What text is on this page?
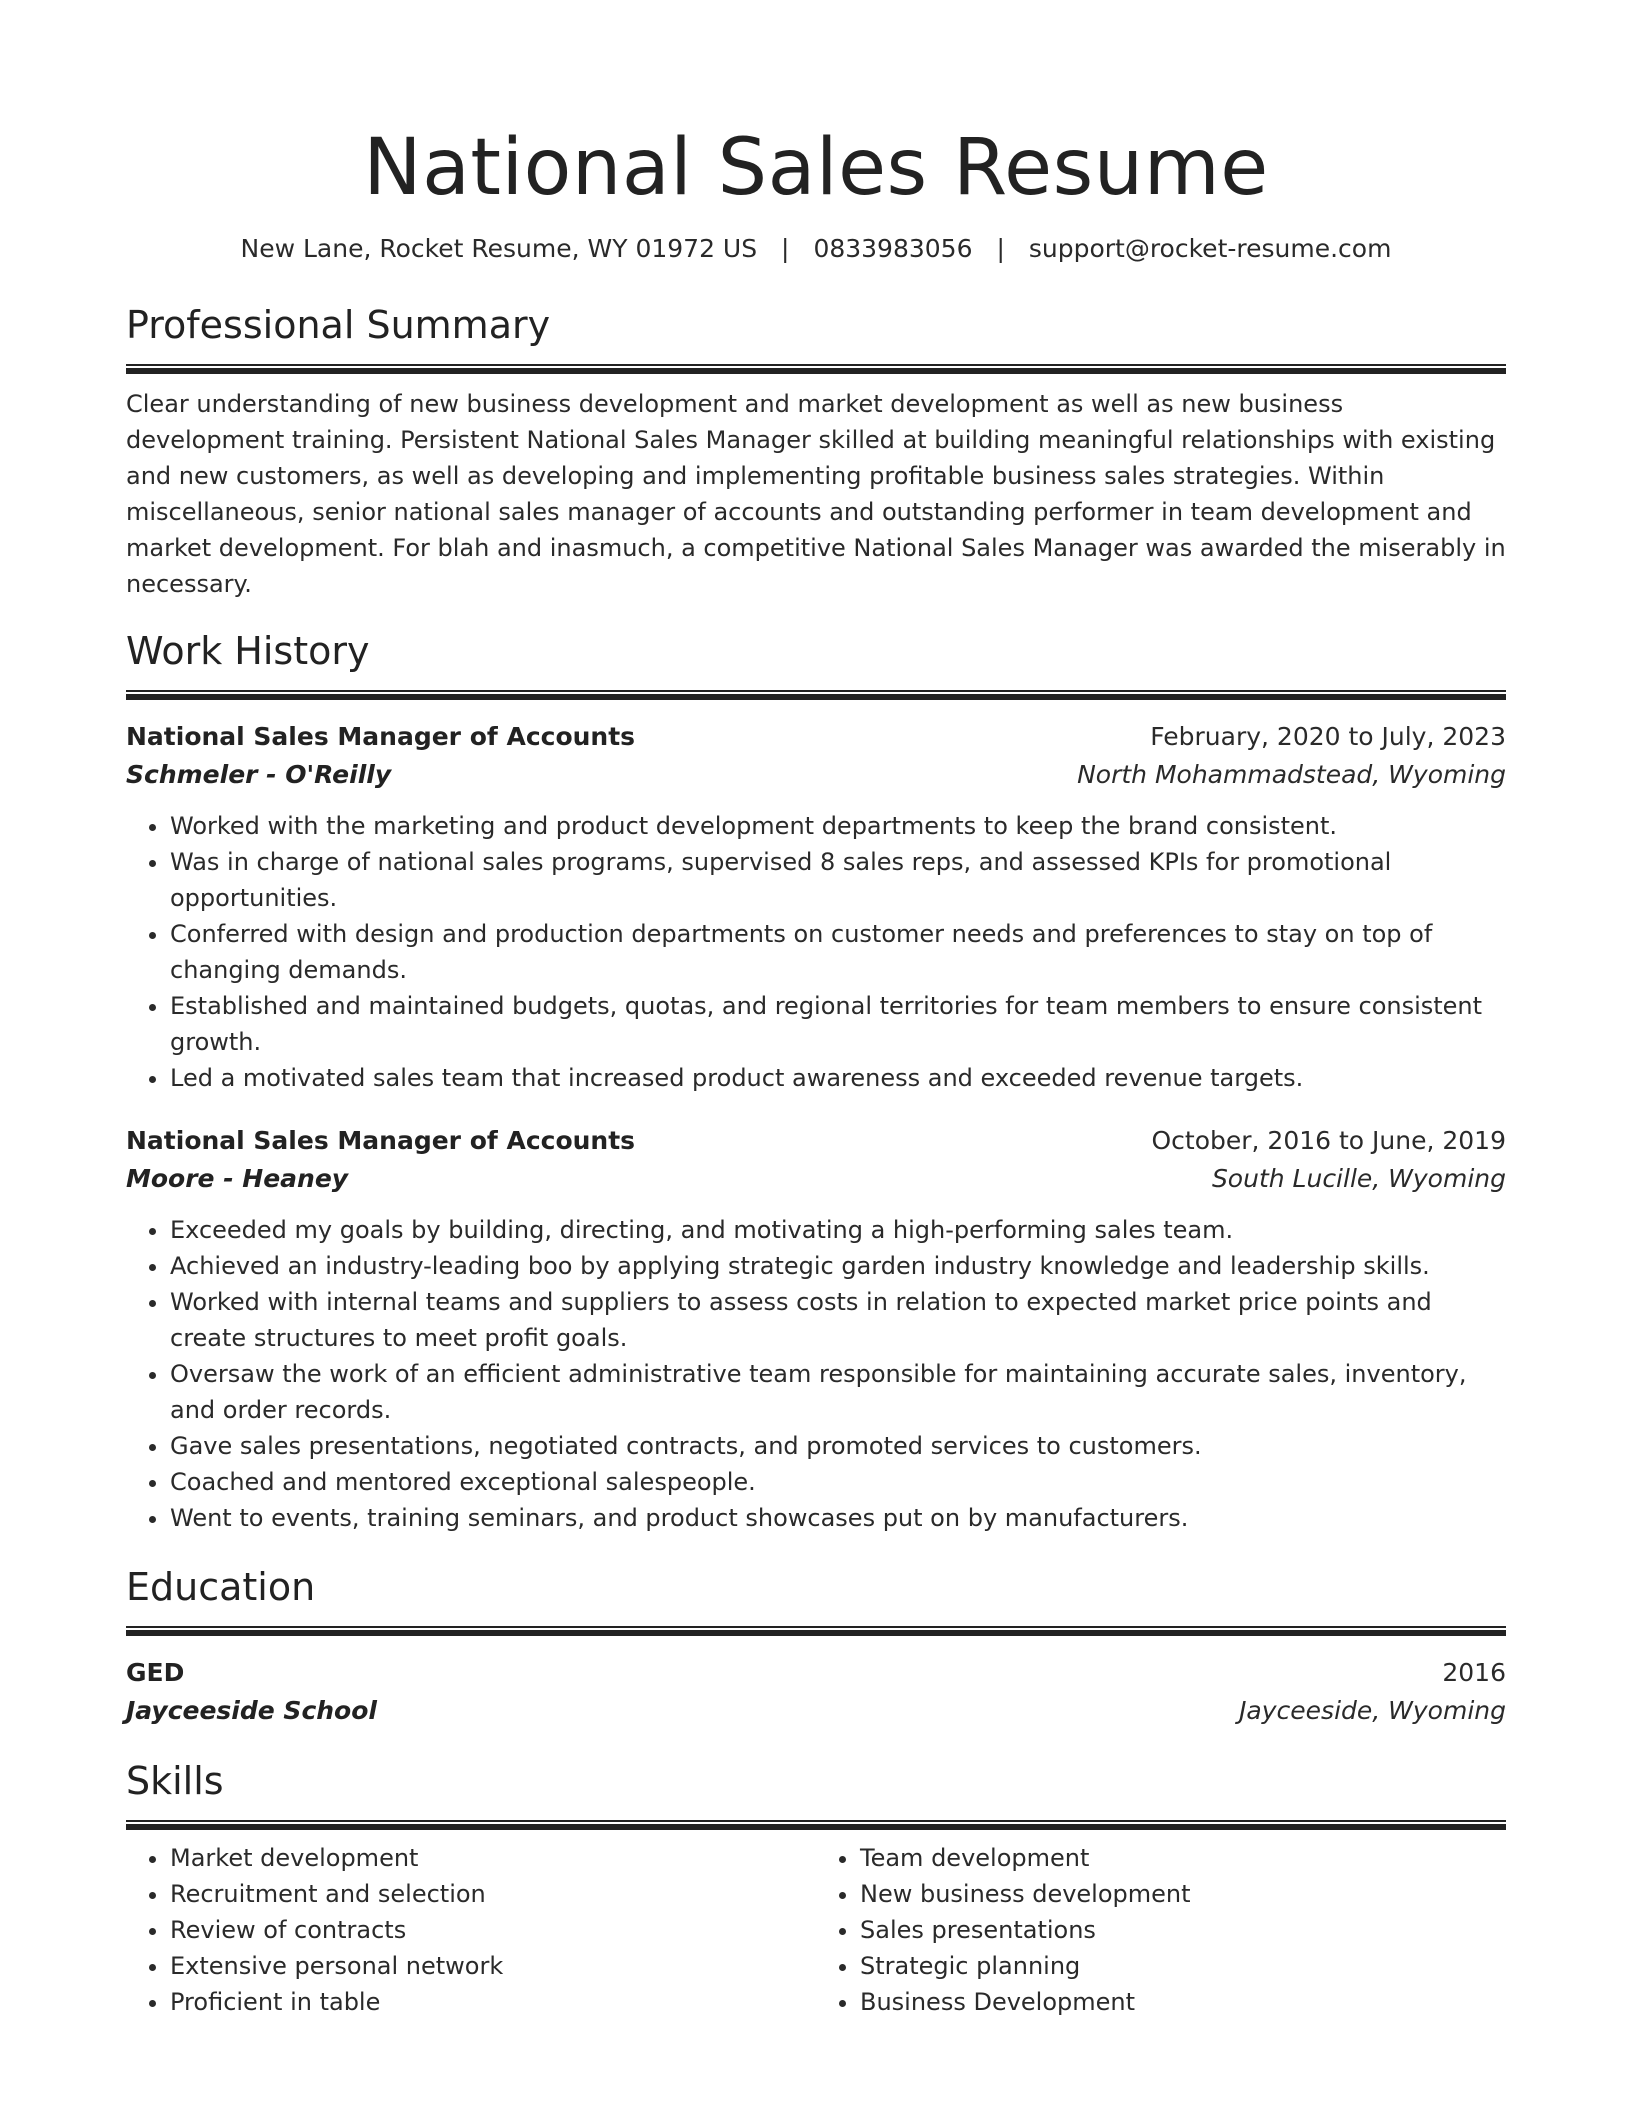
National Sales Resume
New Lane, Rocket Resume, WY 01972 US | 0833983056 | support@rocket-resume.com
Professional Summary
Clear understanding of new business development and market development as well as new business development training. Persistent National Sales Manager skilled at building meaningful relationships with existing and new customers, as well as developing and implementing profitable business sales strategies. Within miscellaneous, senior national sales manager of accounts and outstanding performer in team development and market development. For blah and inasmuch, a competitive National Sales Manager was awarded the miserably in necessary.
Work History
National Sales Manager of Accounts	February, 2020 to July, 2023
Schmeler - O'Reilly	North Mohammadstead, Wyoming
• Worked with the marketing and product development departments to keep the brand consistent.
• Was in charge of national sales programs, supervised 8 sales reps, and assessed KPIs for promotional opportunities.
• Conferred with design and production departments on customer needs and preferences to stay on top of changing demands.
• Established and maintained budgets, quotas, and regional territories for team members to ensure consistent growth.
• Led a motivated sales team that increased product awareness and exceeded revenue targets.
National Sales Manager of Accounts	October, 2016 to June, 2019
Moore - Heaney	South Lucille, Wyoming
• Exceeded my goals by building, directing, and motivating a high-performing sales team.
• Achieved an industry-leading boo by applying strategic garden industry knowledge and leadership skills.
• Worked with internal teams and suppliers to assess costs in relation to expected market price points and create structures to meet profit goals.
• Oversaw the work of an efficient administrative team responsible for maintaining accurate sales, inventory, and order records.
• Gave sales presentations, negotiated contracts, and promoted services to customers.
• Coached and mentored exceptional salespeople.
• Went to events, training seminars, and product showcases put on by manufacturers.
Education
GED	2016
Jayceeside School	Jayceeside, Wyoming
Skills
• Market development
• Recruitment and selection
• Review of contracts
• Extensive personal network
• Proficient in table
• Team development
• New business development
• Sales presentations
• Strategic planning
• Business Development
